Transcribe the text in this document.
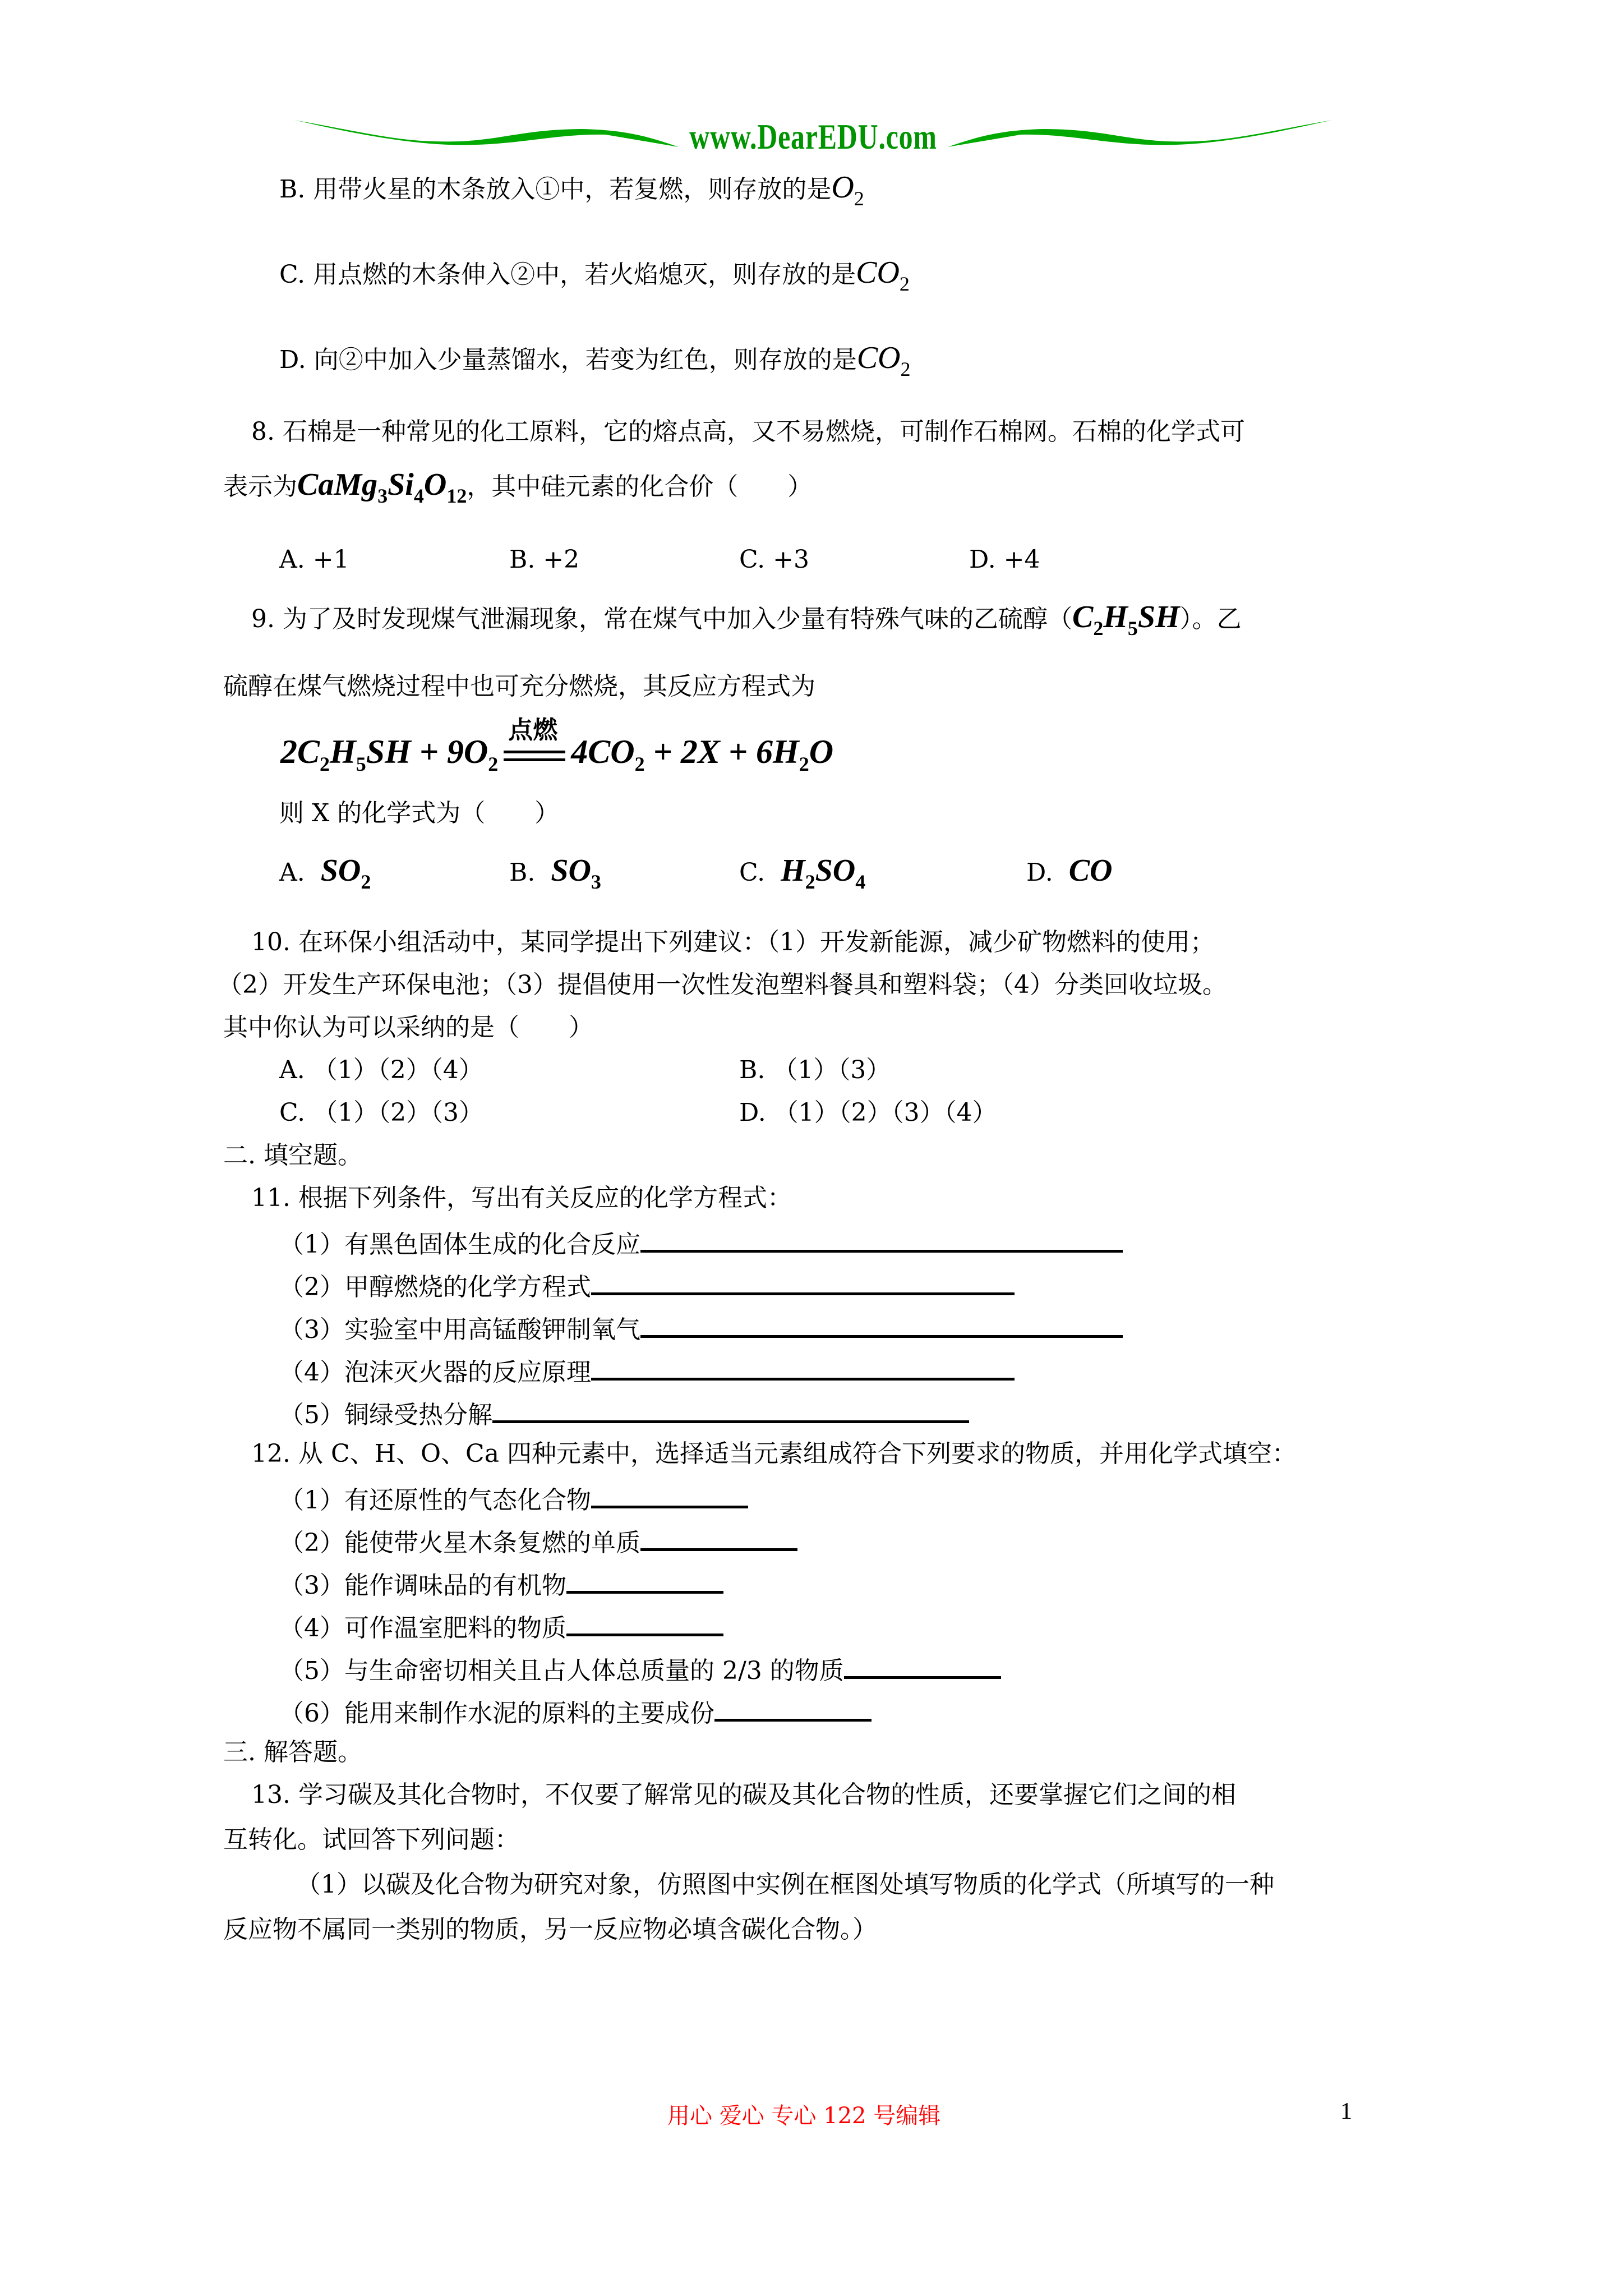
www.DearEDU.com
B. 用带火星的木条放入①中，若复燃，则存放的是$O_2$
C. 用点燃的木条伸入②中，若火焰熄灭，则存放的是$CO_2$
D. 向②中加入少量蒸馏水，若变为红色，则存放的是$CO_2$
8. 石棉是一种常见的化工原料，它的熔点高，又不易燃烧，可制作石棉网。石棉的化学式可
表示为$CaMg_3Si_4O_{12}$，其中硅元素的化合价（　　）
A. +1	B. +2	C. +3	D. +4
9. 为了及时发现煤气泄漏现象，常在煤气中加入少量有特殊气味的乙硫醇$(C_2H_5SH)$。乙
硫醇在煤气燃烧过程中也可充分燃烧，其反应方程式为
$2C_2H_5SH + 9O_2$
点燃
$4CO_2 + 2X + 6H_2O$
则 X 的化学式为（　　）
A. $SO_2$	B. $SO_3$	C. $H_2SO_4$	D. CO
10. 在环保小组活动中，某同学提出下列建议：（1）开发新能源，减少矿物燃料的使用；
（2）开发生产环保电池；（3）提倡使用一次性发泡塑料餐具和塑料袋；（4）分类回收垃圾。
其中你认为可以采纳的是（　　）
A. （1）（2）（4）	B. （1）（3）
C. （1）（2）（3）	D. （1）（2）（3）（4）
二. 填空题。
11. 根据下列条件，写出有关反应的化学方程式：
（1）有黑色固体生成的化合反应
（2）甲醇燃烧的化学方程式
（3）实验室中用高锰酸钾制氧气
（4）泡沫灭火器的反应原理
（5）铜绿受热分解
12. 从 C、H、O、Ca 四种元素中，选择适当元素组成符合下列要求的物质，并用化学式填空：
（1）有还原性的气态化合物
（2）能使带火星木条复燃的单质
（3）能作调味品的有机物
（4）可作温室肥料的物质
（5）与生命密切相关且占人体总质量的 2/3 的物质
（6）能用来制作水泥的原料的主要成份
三. 解答题。
13. 学习碳及其化合物时，不仅要了解常见的碳及其化合物的性质，还要掌握它们之间的相
互转化。试回答下列问题：
（1）以碳及化合物为研究对象，仿照图中实例在框图处填写物质的化学式（所填写的一种
反应物不属同一类别的物质，另一反应物必填含碳化合物。）
用心 爱心 专心 122 号编辑	1
